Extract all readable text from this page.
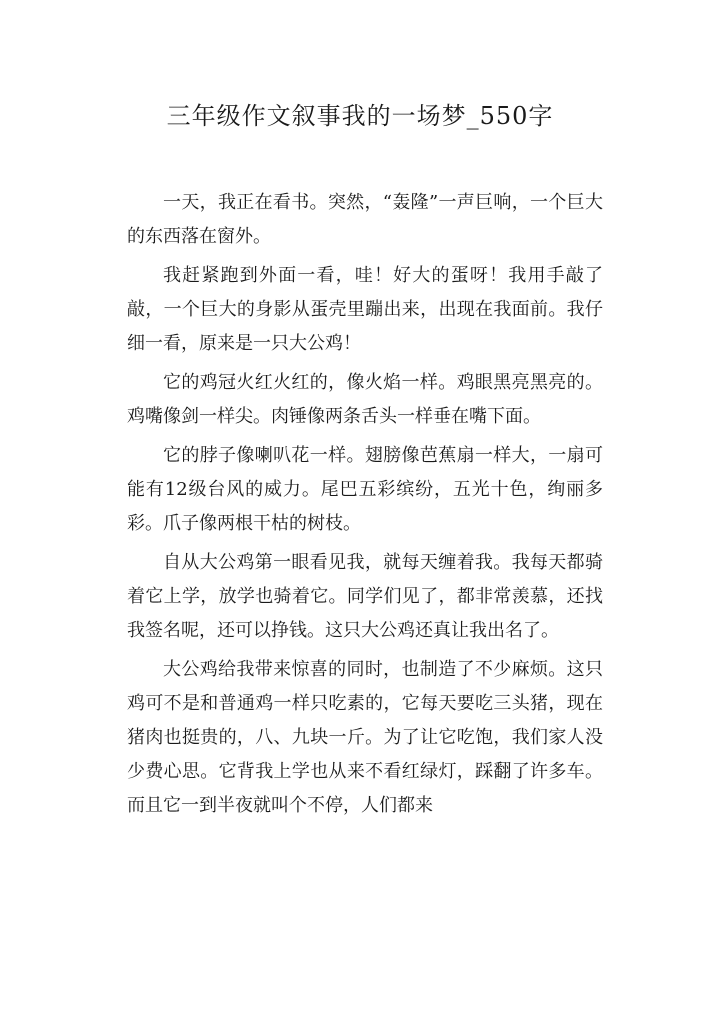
三年级作文叙事我的一场梦_550字

一天，我正在看书。突然，“轰隆”一声巨响，一个巨大的东西落在窗外。

我赶紧跑到外面一看，哇！好大的蛋呀！我用手敲了敲，一个巨大的身影从蛋壳里蹦出来，出现在我面前。我仔细一看，原来是一只大公鸡！

它的鸡冠火红火红的，像火焰一样。鸡眼黑亮黑亮的。鸡嘴像剑一样尖。肉锤像两条舌头一样垂在嘴下面。

它的脖子像喇叭花一样。翅膀像芭蕉扇一样大，一扇可能有12级台风的威力。尾巴五彩缤纷，五光十色，绚丽多彩。爪子像两根干枯的树枝。

自从大公鸡第一眼看见我，就每天缠着我。我每天都骑着它上学，放学也骑着它。同学们见了，都非常羡慕，还找我签名呢，还可以挣钱。这只大公鸡还真让我出名了。

大公鸡给我带来惊喜的同时，也制造了不少麻烦。这只鸡可不是和普通鸡一样只吃素的，它每天要吃三头猪，现在猪肉也挺贵的，八、九块一斤。为了让它吃饱，我们家人没少费心思。它背我上学也从来不看红绿灯，踩翻了许多车。而且它一到半夜就叫个不停，人们都来
